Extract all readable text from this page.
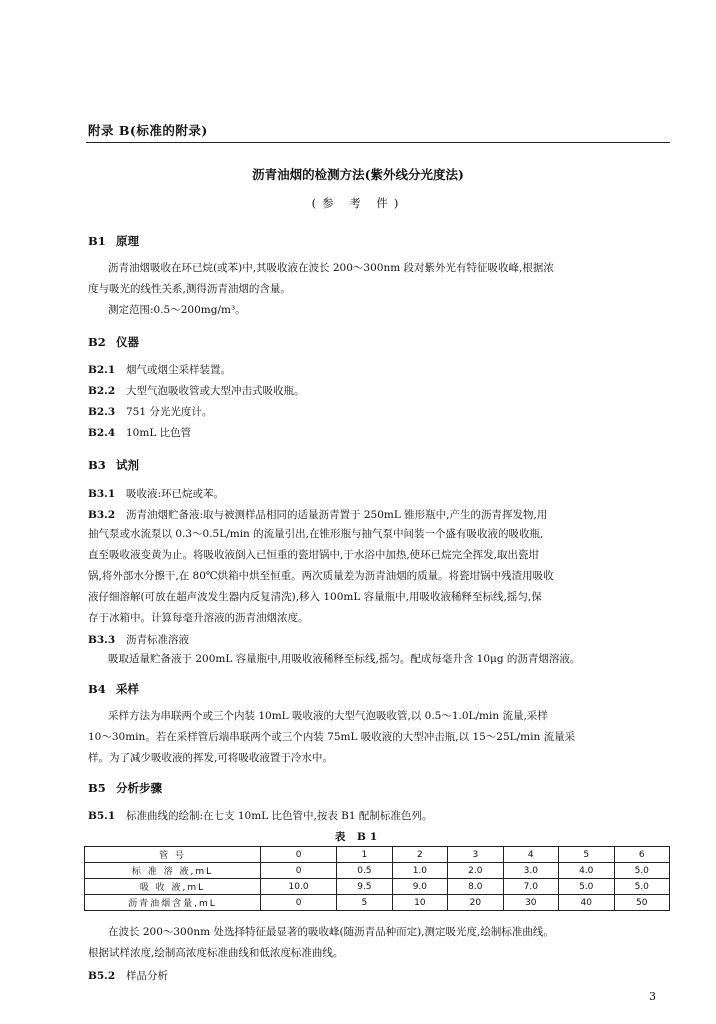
附录 B(标准的附录)
沥青油烟的检测方法(紫外线分光度法)
(参 考 件)
B1 原理
沥青油烟吸收在环已烷(或苯)中,其吸收液在波长 200～300nm 段对紫外光有特征吸收峰,根据浓
度与吸光的线性关系,测得沥青油烟的含量。
测定范围:0.5～200mg/m³。
B2 仪器
B2.1 烟气或烟尘采样装置。
B2.2 大型气泡吸收管或大型冲击式吸收瓶。
B2.3 751 分光光度计。
B2.4 10mL 比色管
B3 试剂
B3.1 吸收液:环已烷或苯。
B3.2 沥青油烟贮备液:取与被测样品相同的适量沥青置于 250mL 锥形瓶中,产生的沥青挥发物,用
抽气泵或水流泵以 0.3～0.5L/min 的流量引出,在锥形瓶与抽气泵中间装一个盛有吸收液的吸收瓶,
直至吸收液变黄为止。将吸收液倒入已恒重的瓷坩锅中,于水浴中加热,使环已烷完全挥发,取出瓷坩
锅,将外部水分擦干,在 80℃烘箱中烘至恒重。两次质量差为沥青油烟的质量。将瓷坩锅中残渣用吸收
液仔细溶解(可放在超声波发生器内反复清洗),移入 100mL 容量瓶中,用吸收液稀释至标线,摇匀,保
存于冰箱中。计算每毫升溶液的沥青油烟浓度。
B3.3 沥青标准溶液
吸取适量贮备液于 200mL 容量瓶中,用吸收液稀释至标线,摇匀。配成每毫升含 10μg 的沥青烟溶液。
B4 采样
采样方法为串联两个或三个内装 10mL 吸收液的大型气泡吸收管,以 0.5～1.0L/min 流量,采样
10～30min。若在采样管后端串联两个或三个内装 75mL 吸收液的大型冲击瓶,以 15～25L/min 流量采
样。为了减少吸收液的挥发,可将吸收液置于冷水中。
B5 分析步骤
B5.1 标准曲线的绘制:在七支 10mL 比色管中,按表 B1 配制标准色列。
表 B1
管 号	0	1	2	3	4	5	6
标 准 溶 液,mL	0	0.5	1.0	2.0	3.0	4.0	5.0
吸 收 液,mL	10.0	9.5	9.0	8.0	7.0	5.0	5.0
沥青油烟含量,mL	0	5	10	20	30	40	50
在波长 200～300nm 处选择特征最显著的吸收峰(随沥青品种而定),测定吸光度,绘制标准曲线。
根据试样浓度,绘制高浓度标准曲线和低浓度标准曲线。
B5.2 样品分析
3
